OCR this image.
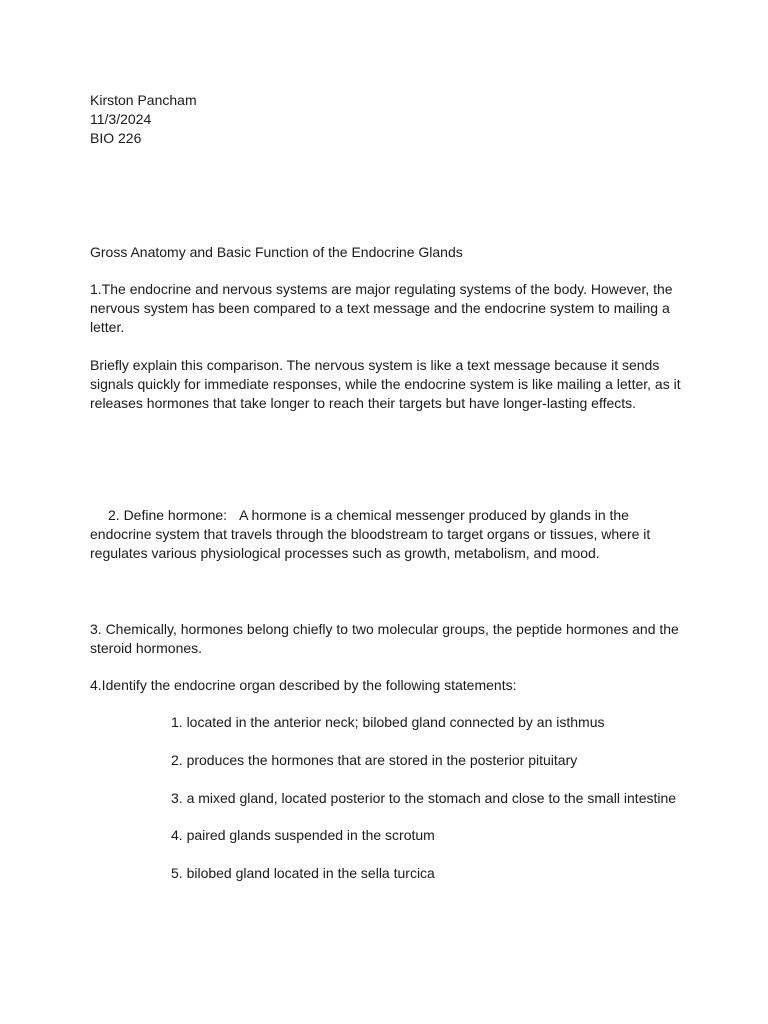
Kirston Pancham
11/3/2024
BIO 226

Gross Anatomy and Basic Function of the Endocrine Glands

1.The endocrine and nervous systems are major regulating systems of the body. However, the nervous system has been compared to a text message and the endocrine system to mailing a letter.

Briefly explain this comparison. The nervous system is like a text message because it sends signals quickly for immediate responses, while the endocrine system is like mailing a letter, as it releases hormones that take longer to reach their targets but have longer-lasting effects.

2. Define hormone: A hormone is a chemical messenger produced by glands in the endocrine system that travels through the bloodstream to target organs or tissues, where it regulates various physiological processes such as growth, metabolism, and mood.

3. Chemically, hormones belong chiefly to two molecular groups, the peptide hormones and the steroid hormones.

4.Identify the endocrine organ described by the following statements:

1. located in the anterior neck; bilobed gland connected by an isthmus

2. produces the hormones that are stored in the posterior pituitary

3. a mixed gland, located posterior to the stomach and close to the small intestine

4. paired glands suspended in the scrotum

5. bilobed gland located in the sella turcica
